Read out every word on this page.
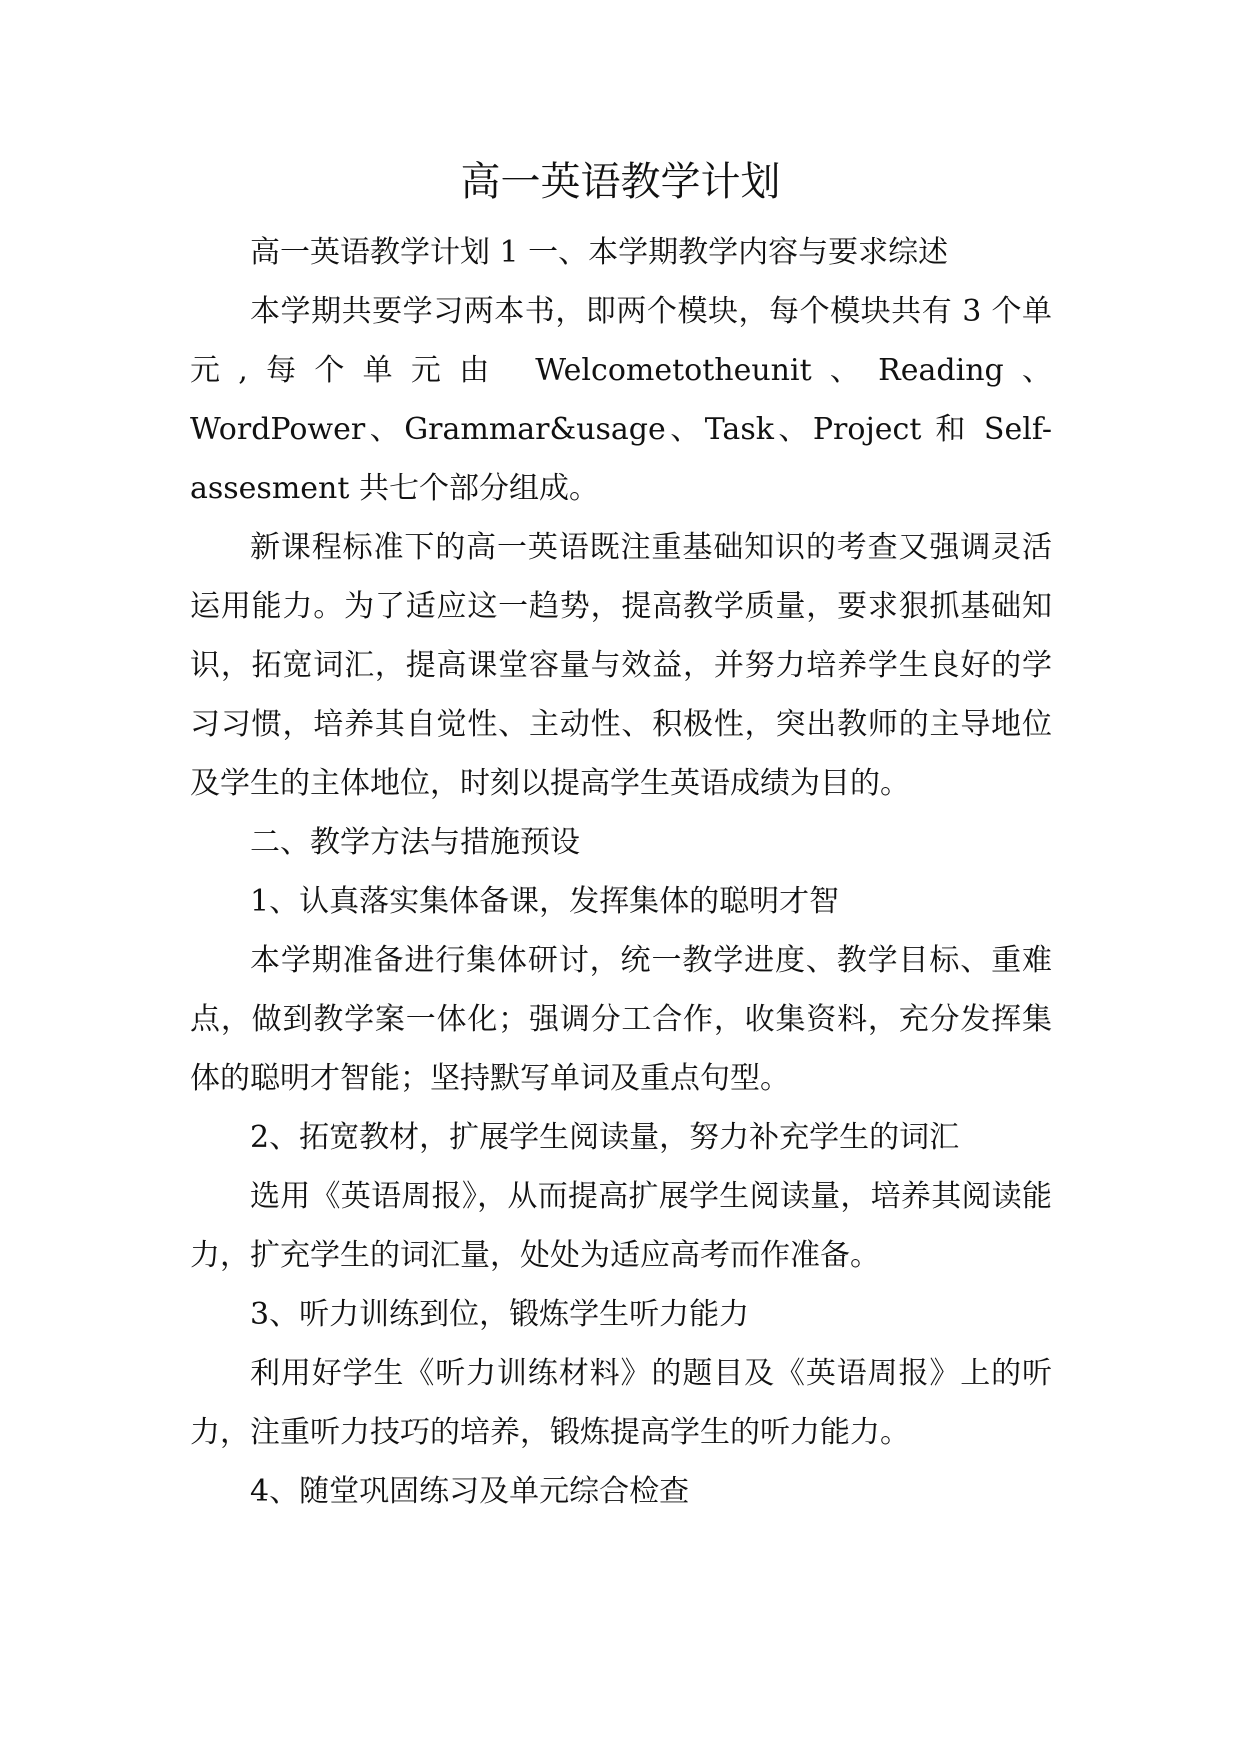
高一英语教学计划

高一英语教学计划 1 一、本学期教学内容与要求综述

本学期共要学习两本书，即两个模块，每个模块共有 3 个单元,每个单元由 Welcometotheunit、Reading、WordPower、Grammar&usage、Task、Project 和 Self-assesment 共七个部分组成。

新课程标准下的高一英语既注重基础知识的考查又强调灵活运用能力。为了适应这一趋势，提高教学质量，要求狠抓基础知识，拓宽词汇，提高课堂容量与效益，并努力培养学生良好的学习习惯，培养其自觉性、主动性、积极性，突出教师的主导地位及学生的主体地位，时刻以提高学生英语成绩为目的。

二、教学方法与措施预设

1、认真落实集体备课，发挥集体的聪明才智

本学期准备进行集体研讨，统一教学进度、教学目标、重难点，做到教学案一体化；强调分工合作，收集资料，充分发挥集体的聪明才智能；坚持默写单词及重点句型。

2、拓宽教材，扩展学生阅读量，努力补充学生的词汇

选用《英语周报》，从而提高扩展学生阅读量，培养其阅读能力，扩充学生的词汇量，处处为适应高考而作准备。

3、听力训练到位，锻炼学生听力能力

利用好学生《听力训练材料》的题目及《英语周报》上的听力，注重听力技巧的培养，锻炼提高学生的听力能力。

4、随堂巩固练习及单元综合检查
